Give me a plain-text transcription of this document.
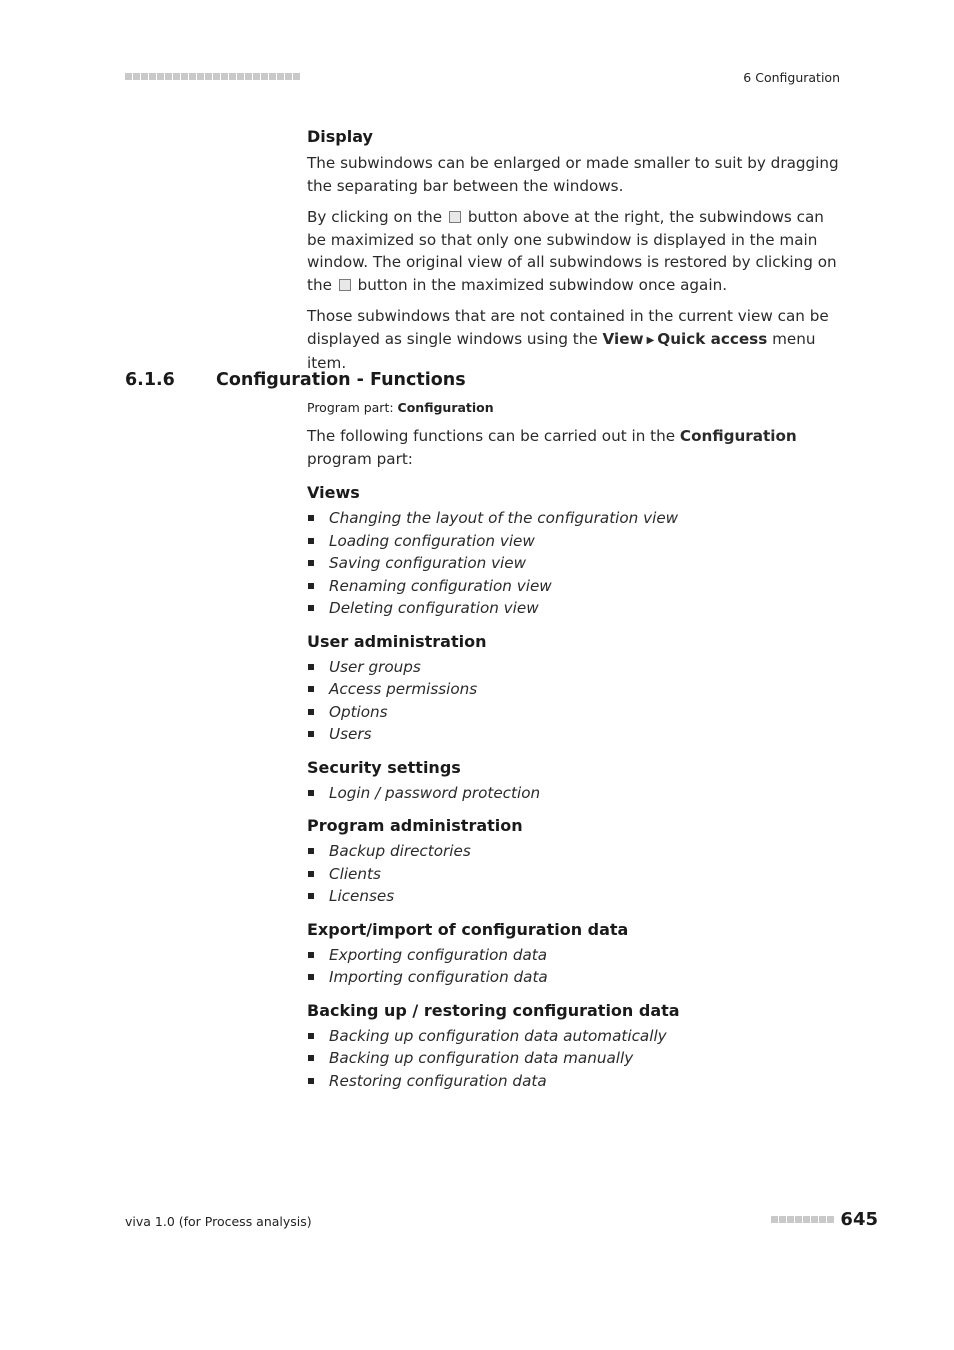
6 Configuration
Display

The subwindows can be enlarged or made smaller to suit by dragging the separating bar between the windows.

By clicking on the button above at the right, the subwindows can be maximized so that only one subwindow is displayed in the main window. The original view of all subwindows is restored by clicking on the button in the maximized subwindow once again.

Those subwindows that are not contained in the current view can be displayed as single windows using the View ▶ Quick access menu item.

6.1.6	Configuration - Functions

Program part: Configuration

The following functions can be carried out in the Configuration program part:

Views
Changing the layout of the configuration view
Loading configuration view
Saving configuration view
Renaming configuration view
Deleting configuration view
User administration
User groups
Access permissions
Options
Users
Security settings
Login / password protection
Program administration
Backup directories
Clients
Licenses
Export/import of configuration data
Exporting configuration data
Importing configuration data
Backing up / restoring configuration data
Backing up configuration data automatically
Backing up configuration data manually
Restoring configuration data
viva 1.0 (for Process analysis)	645
